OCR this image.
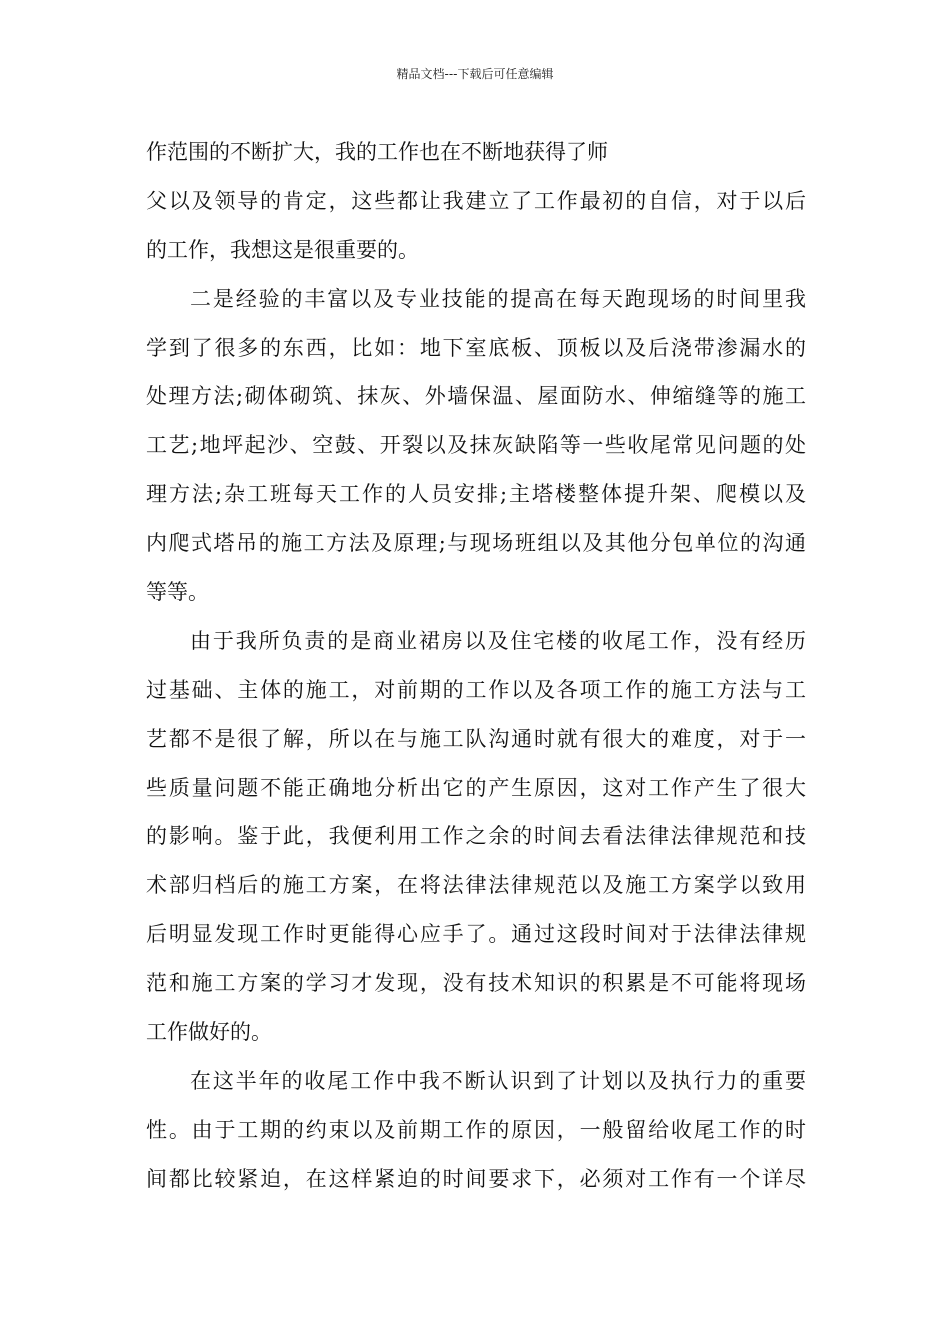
精品文档---下载后可任意编辑
作范围的不断扩大，我的工作也在不断地获得了师
父以及领导的肯定，这些都让我建立了工作最初的自信，对于以后
的工作，我想这是很重要的。
二是经验的丰富以及专业技能的提高在每天跑现场的时间里我
学到了很多的东西，比如：地下室底板、顶板以及后浇带渗漏水的
处理方法;砌体砌筑、抹灰、外墙保温、屋面防水、伸缩缝等的施工
工艺;地坪起沙、空鼓、开裂以及抹灰缺陷等一些收尾常见问题的处
理方法;杂工班每天工作的人员安排;主塔楼整体提升架、爬模以及
内爬式塔吊的施工方法及原理;与现场班组以及其他分包单位的沟通
等等。
由于我所负责的是商业裙房以及住宅楼的收尾工作，没有经历
过基础、主体的施工，对前期的工作以及各项工作的施工方法与工
艺都不是很了解，所以在与施工队沟通时就有很大的难度，对于一
些质量问题不能正确地分析出它的产生原因，这对工作产生了很大
的影响。鉴于此，我便利用工作之余的时间去看法律法律规范和技
术部归档后的施工方案，在将法律法律规范以及施工方案学以致用
后明显发现工作时更能得心应手了。通过这段时间对于法律法律规
范和施工方案的学习才发现，没有技术知识的积累是不可能将现场
工作做好的。
在这半年的收尾工作中我不断认识到了计划以及执行力的重要
性。由于工期的约束以及前期工作的原因，一般留给收尾工作的时
间都比较紧迫，在这样紧迫的时间要求下，必须对工作有一个详尽
